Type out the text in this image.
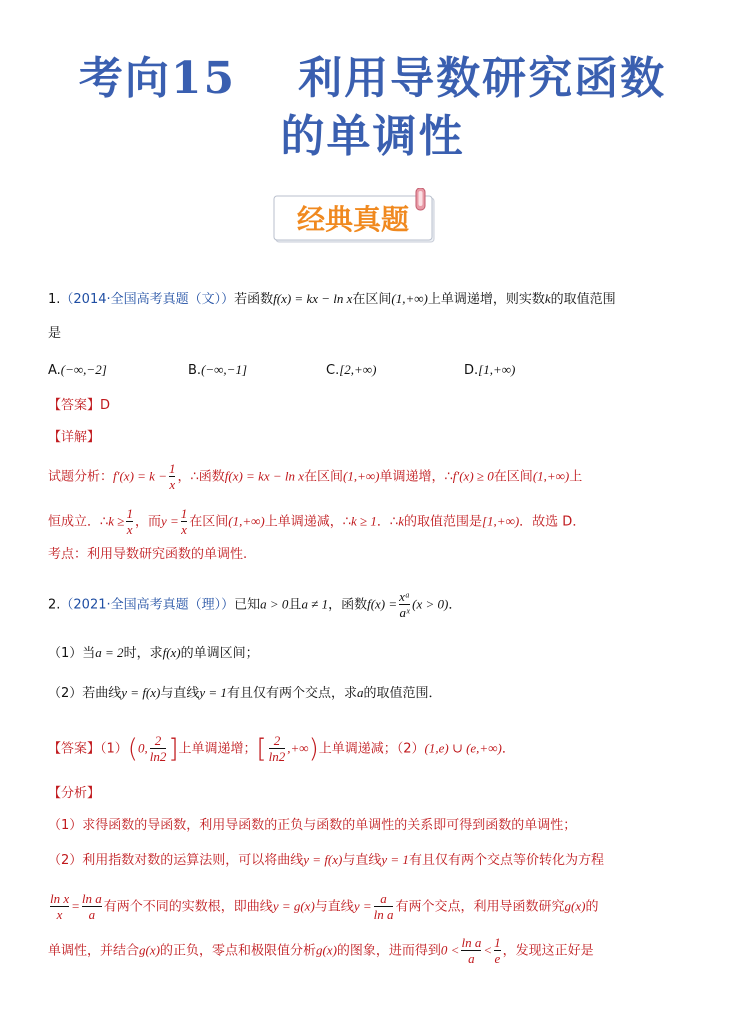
考向15 利用导数研究函数
的单调性
经典真题
1.（2014·全国高考真题（文））若函数f(x) = kx − ln x在区间(1,+∞)上单调递增，则实数k的取值范围
是
A.(−∞,−2]	B.(−∞,−1]	C.[2,+∞)	D.[1,+∞)
【答案】D
【详解】
试题分析：$f'(x) = k - \frac{1}{x}$ ，∴函数f(x) = kx − ln x在区间(1,+∞)单调递增，∴f′(x) ≥ 0在区间(1,+∞)上
恒成立．∴k ≥ $\frac{1}{x}$ ，而$y = \frac{1}{x}$ 在区间(1,+∞)上单调递减，∴k ≥ 1．∴k的取值范围是[1,+∞)．故选 D．
考点：利用导数研究函数的单调性.
2.（2021·全国高考真题（理））已知a > 0且a ≠ 1，函数$f(x) = \frac{\text{xᵃ}}{\text{aˣ}} (x > 0)$．
（1）当a = 2时，求f(x)的单调区间；
（2）若曲线y = f(x)与直线y = 1有且仅有两个交点，求a的取值范围．
【答案】（1）(0, $\frac{2}{\ln 2}$ ]上单调递增；[ $\frac{2}{\ln 2}$ ,+∞)上单调递减；（2）(1,e) ∪ (e,+∞)．
【分析】
（1）求得函数的导函数，利用导函数的正负与函数的单调性的关系即可得到函数的单调性；
（2）利用指数对数的运算法则，可以将曲线y = f(x)与直线y = 1有且仅有两个交点等价转化为方程
$\frac{\text{ln x}}{x} = \frac{\text{ln a}}{a}$ 有两个不同的实数根，即曲线y = g(x)与直线$y = \frac{a}{\text{ln a}}$ 有两个交点，利用导函数研究g(x)的
单调性，并结合g(x)的正负，零点和极限值分析g(x)的图象，进而得到$0 < \frac{\text{ln a}}{a} < \frac{1}{e}$ ，发现这正好是
